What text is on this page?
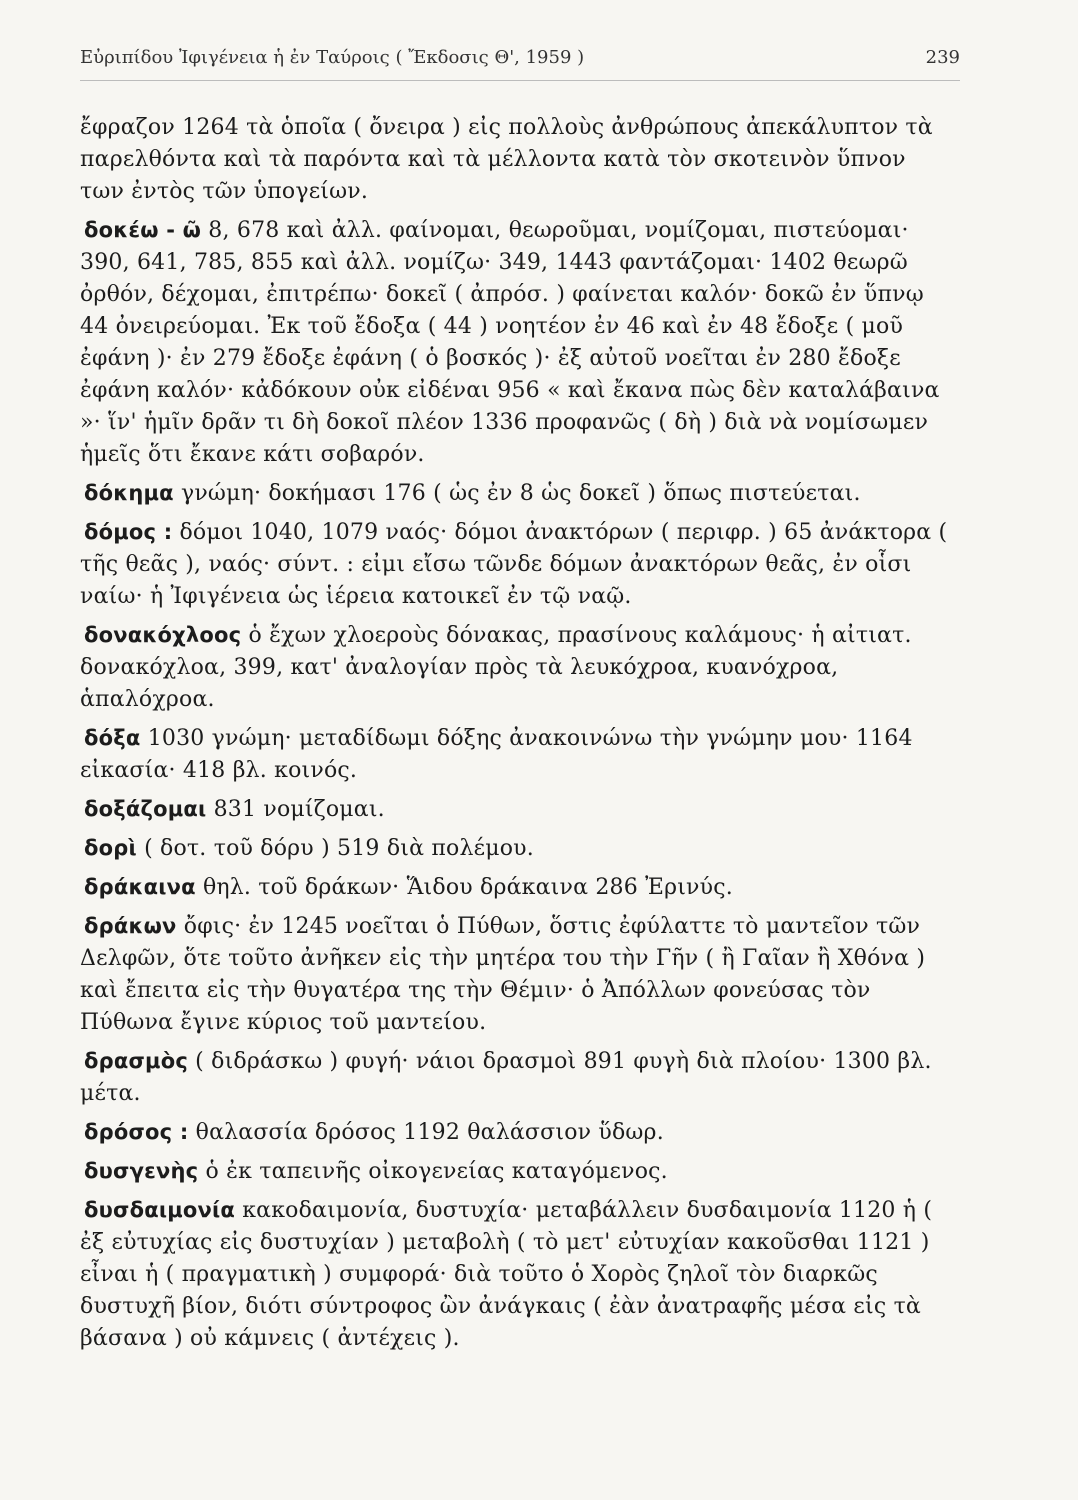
Εὐριπίδου Ἰφιγένεια ἡ ἐν Ταύροις ( Ἔκδοσις Θ', 1959 )	239

ἔφραζον 1264 τὰ ὁποῖα ( ὄνειρα ) εἰς πολλοὺς ἀνθρώπους ἀπεκάλυπτον τὰ παρελθόντα καὶ τὰ παρόντα καὶ τὰ μέλλοντα κατὰ τὸν σκοτεινὸν ὕπνον των ἐντὸς τῶν ὑπογείων.

δοκέω - ῶ 8, 678 καὶ ἀλλ. φαίνομαι, θεωροῦμαι, νομίζομαι, πιστεύομαι· 390, 641, 785, 855 καὶ ἀλλ. νομίζω· 349, 1443 φαντάζομαι· 1402 θεωρῶ ὀρθόν, δέχομαι, ἐπιτρέπω· δοκεῖ ( ἀπρόσ. ) φαίνεται καλόν· δοκῶ ἐν ὕπνῳ 44 ὀνειρεύομαι. Ἐκ τοῦ ἔδοξα ( 44 ) νοητέον ἐν 46 καὶ ἐν 48 ἔδοξε ( μοῦ ἐφάνη )· ἐν 279 ἔδοξε ἐφάνη ( ὁ βοσκός )· ἐξ αὐτοῦ νοεῖται ἐν 280 ἔδοξε ἐφάνη καλόν· κἀδόκουν οὐκ εἰδέναι 956 « καὶ ἔκανα πὼς δὲν καταλάβαινα »· ἵν' ἡμῖν δρᾶν τι δὴ δοκοῖ πλέον 1336 προφανῶς ( δὴ ) διὰ νὰ νομίσωμεν ἡμεῖς ὅτι ἔκανε κάτι σοβαρόν.

δόκημα γνώμη· δοκήμασι 176 ( ὡς ἐν 8 ὡς δοκεῖ ) ὅπως πιστεύεται.

δόμος : δόμοι 1040, 1079 ναός· δόμοι ἀνακτόρων ( περιφρ. ) 65 ἀνάκτορα ( τῆς θεᾶς ), ναός· σύντ. : εἰμι εἴσω τῶνδε δόμων ἀνακτόρων θεᾶς, ἐν οἷσι ναίω· ἡ Ἰφιγένεια ὡς ἱέρεια κατοικεῖ ἐν τῷ ναῷ.

δονακόχλοος ὁ ἔχων χλοεροὺς δόνακας, πρασίνους καλάμους· ἡ αἰτιατ. δονακόχλοα, 399, κατ' ἀναλογίαν πρὸς τὰ λευκόχροα, κυανόχροα, ἁπαλόχροα.

δόξα 1030 γνώμη· μεταδίδωμι δόξης ἀνακοινώνω τὴν γνώμην μου· 1164 εἰκασία· 418 βλ. κοινός.

δοξάζομαι 831 νομίζομαι.

δορὶ ( δοτ. τοῦ δόρυ ) 519 διὰ πολέμου.

δράκαινα θηλ. τοῦ δράκων· Ἅιδου δράκαινα 286 Ἐρινύς.

δράκων ὄφις· ἐν 1245 νοεῖται ὁ Πύθων, ὅστις ἐφύλαττε τὸ μαντεῖον τῶν Δελφῶν, ὅτε τοῦτο ἀνῆκεν εἰς τὴν μητέρα του τὴν Γῆν ( ἢ Γαῖαν ἢ Χθόνα ) καὶ ἔπειτα εἰς τὴν θυγατέρα της τὴν Θέμιν· ὁ Ἀπόλλων φονεύσας τὸν Πύθωνα ἔγινε κύριος τοῦ μαντείου.

δρασμὸς ( διδράσκω ) φυγή· νάιοι δρασμοὶ 891 φυγὴ διὰ πλοίου· 1300 βλ. μέτα.

δρόσος : θαλασσία δρόσος 1192 θαλάσσιον ὕδωρ.

δυσγενὴς ὁ ἐκ ταπεινῆς οἰκογενείας καταγόμενος.

δυσδαιμονία κακοδαιμονία, δυστυχία· μεταβάλλειν δυσδαιμονία 1120 ἡ ( ἐξ εὐτυχίας εἰς δυστυχίαν ) μεταβολὴ ( τὸ μετ' εὐτυχίαν κακοῦσθαι 1121 ) εἶναι ἡ ( πραγματικὴ ) συμφορά· διὰ τοῦτο ὁ Χορὸς ζηλοῖ τὸν διαρκῶς δυστυχῆ βίον, διότι σύντροφος ὢν ἀνάγκαις ( ἐὰν ἀνατραφῆς μέσα εἰς τὰ βάσανα ) οὐ κάμνεις ( ἀντέχεις ).
